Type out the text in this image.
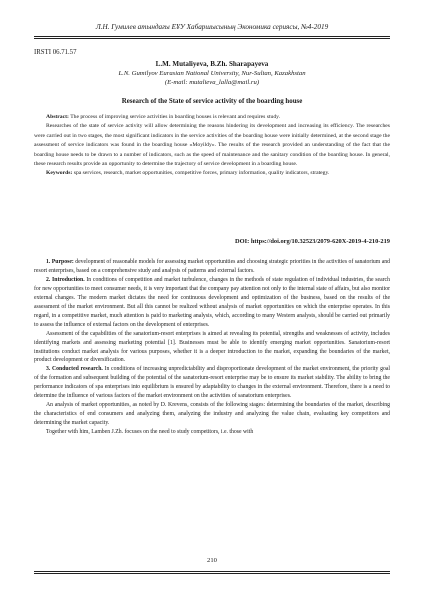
Л.Н. Гумилев атындағы ЕҰУ Хабаршысының Экономика сериясы, №4-2019
IRSTI 06.71.57
L.M. Mutaliyeva, B.Zh. Sharapayeva
L.N. Gumilyov Eurasian National University, Nur-Sultan, Kazakhstan
(E-mail: mutalieva_lalla@mail.ru)
Research of the State of service activity of the boarding house

Abstract: The process of improving service activities in boarding houses is relevant and requires study.

Researches of the state of service activity will allow determining the reasons hindering its development and increasing its efficiency. The researches were carried out in two stages, the most significant indicators in the service activities of the boarding house were initially determined, at the second stage the assessment of service indicators was found in the boarding house «Moyildy». The results of the research provided an understanding of the fact that the boarding house needs to be drawn to a number of indicators, such as the speed of maintenance and the sanitary condition of the boarding house. In general, these research results provide an opportunity to determine the trajectory of service development in a boarding house.

Keywords: spa services, research, market opportunities, competitive forces, primary information, quality indicators, strategy.

DOI: https://doi.org/10.32523/2079-620X-2019-4-210-219

1. Purpose: development of reasonable models for assessing market opportunities and choosing strategic priorities in the activities of sanatorium and resort enterprises, based on a comprehensive study and analysis of patterns and external factors.

2. Introduction. In conditions of competition and market turbulence, changes in the methods of state regulation of individual industries, the search for new opportunities to meet consumer needs, it is very important that the company pay attention not only to the internal state of affairs, but also monitor external changes. The modern market dictates the need for continuous development and optimization of the business, based on the results of the assessment of the market environment. But all this cannot be realized without analysis of market opportunities on which the enterprise operates. In this regard, in a competitive market, much attention is paid to marketing analysis, which, according to many Western analysts, should be carried out primarily to assess the influence of external factors on the development of enterprises.

Assessment of the capabilities of the sanatorium-resort enterprises is aimed at revealing its potential, strengths and weaknesses of activity, includes identifying markets and assessing marketing potential [1]. Businesses must be able to identify emerging market opportunities. Sanatorium-resort institutions conduct market analysis for various purposes, whether it is a deeper introduction to the market, expanding the boundaries of the market, product development or diversification.

3. Conducted research. In conditions of increasing unpredictability and disproportionate development of the market environment, the priority goal of the formation and subsequent building of the potential of the sanatorium-resort enterprise may be to ensure its market stability. The ability to bring the performance indicators of spa enterprises into equilibrium is ensured by adaptability to changes in the external environment. Therefore, there is a need to determine the influence of various factors of the market environment on the activities of sanatorium enterprises.

An analysis of market opportunities, as noted by D. Krevens, consists of the following stages: determining the boundaries of the market, describing the characteristics of end consumers and analyzing them, analyzing the industry and analyzing the value chain, evaluating key competitors and determining the market capacity.

Together with him, Lamben J.Zh. focuses on the need to study competitors, i.e. those with

210
